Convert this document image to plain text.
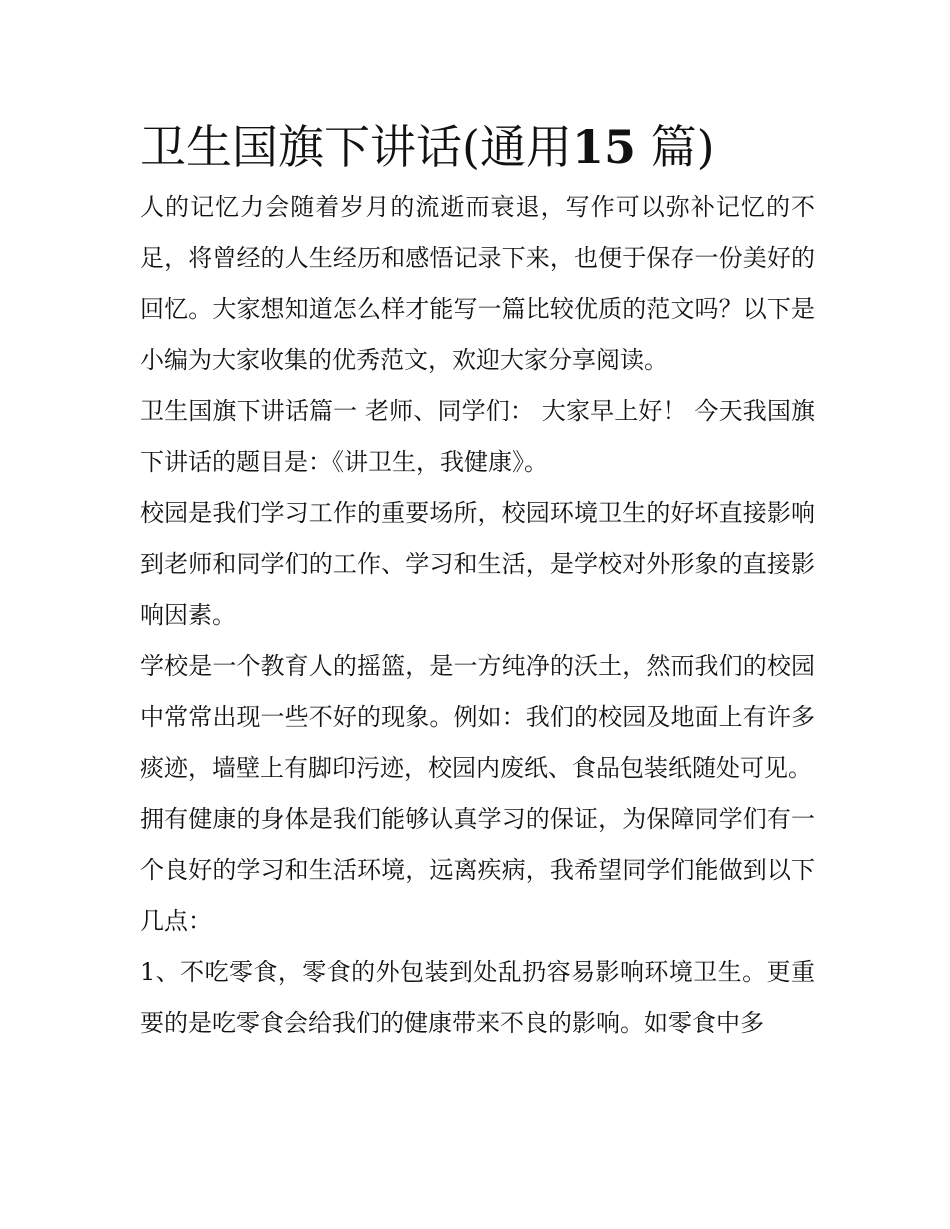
卫生国旗下讲话(通用15 篇)

人的记忆力会随着岁月的流逝而衰退，写作可以弥补记忆的不足，将曾经的人生经历和感悟记录下来，也便于保存一份美好的回忆。大家想知道怎么样才能写一篇比较优质的范文吗？以下是小编为大家收集的优秀范文，欢迎大家分享阅读。

卫生国旗下讲话篇一 老师、同学们： 大家早上好！ 今天我国旗下讲话的题目是：《讲卫生，我健康》。

校园是我们学习工作的重要场所，校园环境卫生的好坏直接影响到老师和同学们的工作、学习和生活，是学校对外形象的直接影响因素。

学校是一个教育人的摇篮，是一方纯净的沃土，然而我们的校园中常常出现一些不好的现象。例如：我们的校园及地面上有许多痰迹，墙壁上有脚印污迹，校园内废纸、食品包装纸随处可见。

拥有健康的身体是我们能够认真学习的保证，为保障同学们有一个良好的学习和生活环境，远离疾病，我希望同学们能做到以下几点：

1、不吃零食，零食的外包装到处乱扔容易影响环境卫生。更重要的是吃零食会给我们的健康带来不良的影响。如零食中多
